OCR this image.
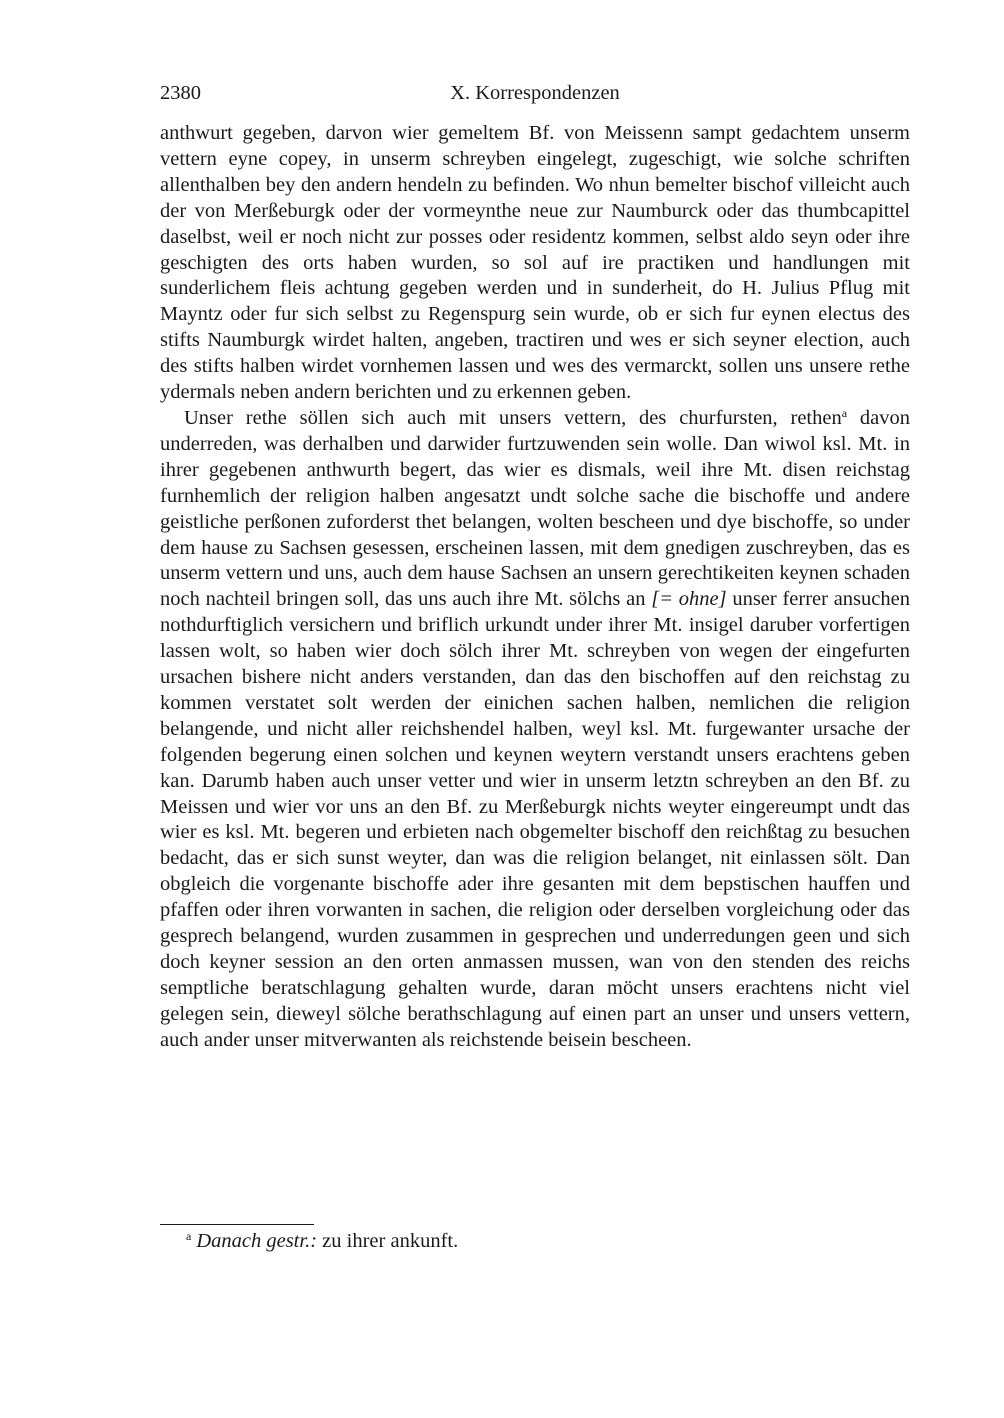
2380	X. Korrespondenzen

anthwurt gegeben, darvon wier gemeltem Bf. von Meissenn sampt gedachtem unserm vettern eyne copey, in unserm schreyben eingelegt, zugeschigt, wie solche schriften allenthalben bey den andern hendeln zu befinden. Wo nhun bemelter bischof villeicht auch der von Merßeburgk oder der vormeynthe neue zur Naumburck oder das thumbcapittel daselbst, weil er noch nicht zur posses oder residentz kommen, selbst aldo seyn oder ihre geschigten des orts haben wurden, so sol auf ire practiken und handlungen mit sunderlichem fleis achtung gegeben werden und in sunderheit, do H. Julius Pflug mit Mayntz oder fur sich selbst zu Regenspurg sein wurde, ob er sich fur eynen electus des stifts Naumburgk wirdet halten, angeben, tractiren und wes er sich seyner election, auch des stifts halben wirdet vornhemen lassen und wes des vermarckt, sollen uns unsere rethe ydermals neben andern berichten und zu erkennen geben.

Unser rethe söllen sich auch mit unsers vettern, des churfursten, rethen$^a$ davon underreden, was derhalben und darwider furtzuwenden sein wolle. Dan wiwol ksl. Mt. in ihrer gegebenen anthwurth begert, das wier es dismals, weil ihre Mt. disen reichstag furnhemlich der religion halben angesatzt undt solche sache die bischoffe und andere geistliche perßonen zuforderst thet belangen, wolten bescheen und dye bischoffe, so under dem hause zu Sachsen gesessen, erscheinen lassen, mit dem gnedigen zuschreyben, das es unserm vettern und uns, auch dem hause Sachsen an unsern gerechtikeiten keynen schaden noch nachteil bringen soll, das uns auch ihre Mt. sölchs an [= ohne] unser ferrer ansuchen nothdurftiglich versichern und briflich urkundt under ihrer Mt. insigel daruber vorfertigen lassen wolt, so haben wier doch sölch ihrer Mt. schreyben von wegen der eingefurten ursachen bishere nicht anders verstanden, dan das den bischoffen auf den reichstag zu kommen verstatet solt werden der einichen sachen halben, nemlichen die religion belangende, und nicht aller reichshendel halben, weyl ksl. Mt. furgewanter ursache der folgenden begerung einen solchen und keynen weytern verstandt unsers erachtens geben kan. Darumb haben auch unser vetter und wier in unserm letztn schreyben an den Bf. zu Meissen und wier vor uns an den Bf. zu Merßeburgk nichts weyter eingereumpt undt das wier es ksl. Mt. begeren und erbieten nach obgemelter bischoff den reichßtag zu besuchen bedacht, das er sich sunst weyter, dan was die religion belanget, nit einlassen sölt. Dan obgleich die vorgenante bischoffe ader ihre gesanten mit dem bepstischen hauffen und pfaffen oder ihren vorwanten in sachen, die religion oder derselben vorgleichung oder das gesprech belangend, wurden zusammen in gesprechen und underredungen geen und sich doch keyner session an den orten anmassen mussen, wan von den stenden des reichs semptliche beratschlagung gehalten wurde, daran möcht unsers erachtens nicht viel gelegen sein, dieweyl sölche berathschlagung auf einen part an unser und unsers vettern, auch ander unser mitverwanten als reichstende beisein bescheen.

$^a$ Danach gestr.: zu ihrer ankunft.
